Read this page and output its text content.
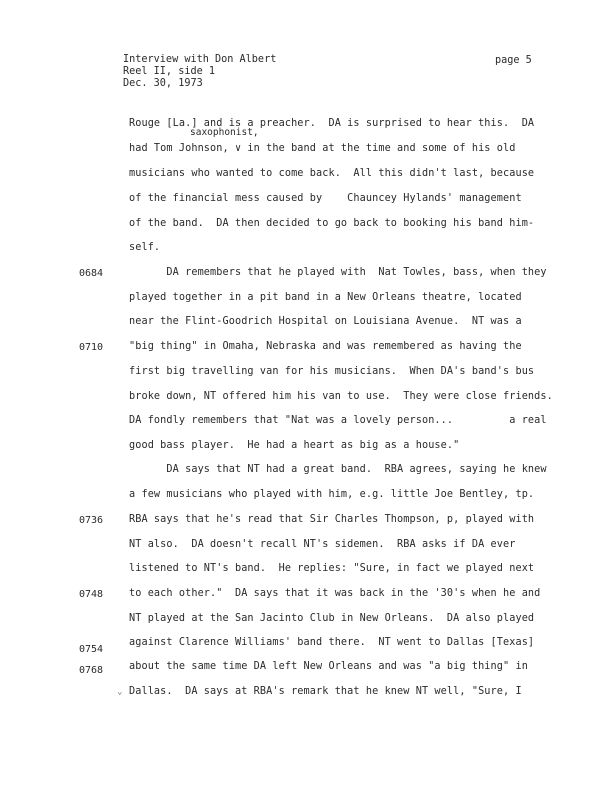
Interview with Don Albert
Reel II, side 1
Dec. 30, 1973
page 5
saxophonist,
Rouge [La.] and is a preacher.  DA is surprised to hear this.  DA
had Tom Johnson, ∨ in the band at the time and some of his old
musicians who wanted to come back.  All this didn't last, because
of the financial mess caused by    Chauncey Hylands' management
of the band.  DA then decided to go back to booking his band him-
self.
DA remembers that he played with  Nat Towles, bass, when they
played together in a pit band in a New Orleans theatre, located
near the Flint-Goodrich Hospital on Louisiana Avenue.  NT was a
"big thing" in Omaha, Nebraska and was remembered as having the
first big travelling van for his musicians.  When DA's band's bus
broke down, NT offered him his van to use.  They were close friends.
DA fondly remembers that "Nat was a lovely person...         a real
good bass player.  He had a heart as big as a house."
DA says that NT had a great band.  RBA agrees, saying he knew
a few musicians who played with him, e.g. little Joe Bentley, tp.
RBA says that he's read that Sir Charles Thompson, p, played with
NT also.  DA doesn't recall NT's sidemen.  RBA asks if DA ever
listened to NT's band.  He replies: "Sure, in fact we played next
to each other."  DA says that it was back in the '30's when he and
NT played at the San Jacinto Club in New Orleans.  DA also played
against Clarence Williams' band there.  NT went to Dallas [Texas]
about the same time DA left New Orleans and was "a big thing" in
Dallas.  DA says at RBA's remark that he knew NT well, "Sure, I
0684
0710
0736
0748
0754
0768
⌄
